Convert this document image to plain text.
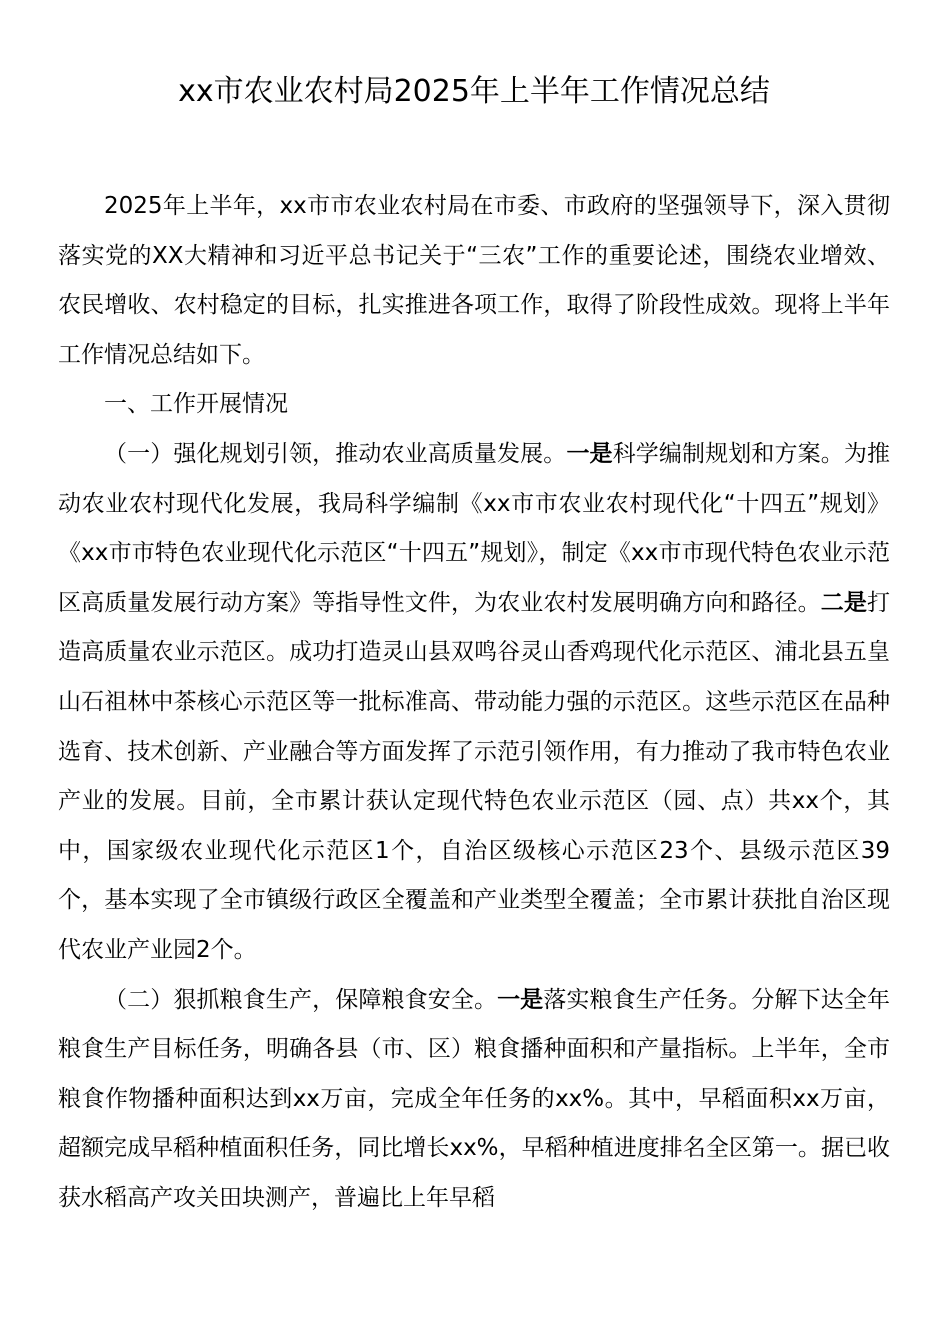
xx市农业农村局2025年上半年工作情况总结

2025年上半年，xx市市农业农村局在市委、市政府的坚强领导下，深入贯彻落实党的XX大精神和习近平总书记关于“三农”工作的重要论述，围绕农业增效、农民增收、农村稳定的目标，扎实推进各项工作，取得了阶段性成效。现将上半年工作情况总结如下。

一、工作开展情况

（一）强化规划引领，推动农业高质量发展。一是科学编制规划和方案。为推动农业农村现代化发展，我局科学编制《xx市市农业农村现代化“十四五”规划》《xx市市特色农业现代化示范区“十四五”规划》，制定《xx市市现代特色农业示范区高质量发展行动方案》等指导性文件，为农业农村发展明确方向和路径。二是打造高质量农业示范区。成功打造灵山县双鸣谷灵山香鸡现代化示范区、浦北县五皇山石祖林中茶核心示范区等一批标准高、带动能力强的示范区。这些示范区在品种选育、技术创新、产业融合等方面发挥了示范引领作用，有力推动了我市特色农业产业的发展。目前，全市累计获认定现代特色农业示范区（园、点）共xx个，其中，国家级农业现代化示范区1个，自治区级核心示范区23个、县级示范区39个，基本实现了全市镇级行政区全覆盖和产业类型全覆盖；全市累计获批自治区现代农业产业园2个。

（二）狠抓粮食生产，保障粮食安全。一是落实粮食生产任务。分解下达全年粮食生产目标任务，明确各县（市、区）粮食播种面积和产量指标。上半年，全市粮食作物播种面积达到xx万亩，完成全年任务的xx%。其中，早稻面积xx万亩，超额完成早稻种植面积任务，同比增长xx%，早稻种植进度排名全区第一。据已收获水稻高产攻关田块测产，普遍比上年早稻
